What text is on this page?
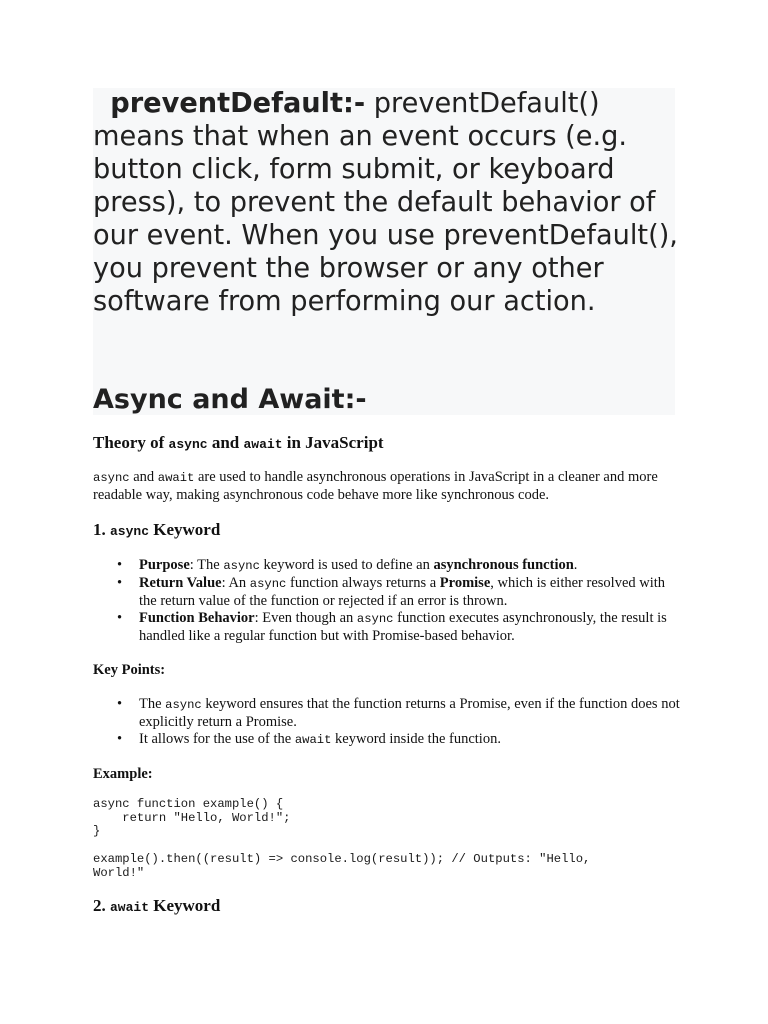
preventDefault:- preventDefault() means that when an event occurs (e.g. button click, form submit, or keyboard press), to prevent the default behavior of our event. When you use preventDefault(), you prevent the browser or any other software from performing our action.

Async and Await:-
Theory of async and await in JavaScript

async and await are used to handle asynchronous operations in JavaScript in a cleaner and more readable way, making asynchronous code behave more like synchronous code.

1. async Keyword
• Purpose: The async keyword is used to define an asynchronous function.
• Return Value: An async function always returns a Promise, which is either resolved with the return value of the function or rejected if an error is thrown.
• Function Behavior: Even though an async function executes asynchronously, the result is handled like a regular function but with Promise-based behavior.

Key Points:

• The async keyword ensures that the function returns a Promise, even if the function does not explicitly return a Promise.
• It allows for the use of the await keyword inside the function.

Example:

async function example() {
return "Hello, World!";
}

example().then((result) => console.log(result)); // Outputs: "Hello,
World!"
2. await Keyword
